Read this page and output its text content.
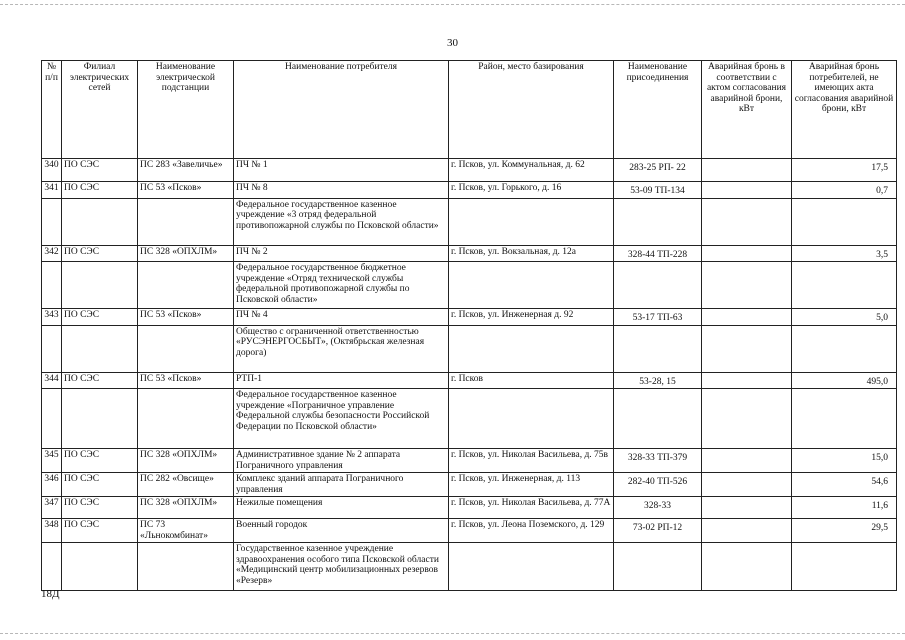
30
№ п/п	Филиал электрических сетей	Наименование электрической подстанции	Наименование потребителя	Район, место базирования	Наименование присоединения	Аварийная бронь в соответствии с актом согласования аварийной брони, кВт	Аварийная бронь потребителей, не имеющих акта согласования аварийной брони, кВт
340	ПО СЭС	ПС 283 «Завеличье»	ПЧ № 1	г. Псков, ул. Коммунальная, д. 62	283-25 РП- 22		17,5
341	ПО СЭС	ПС 53 «Псков»	ПЧ № 8	г. Псков, ул. Горького, д. 16	53-09 ТП-134		0,7
			Федеральное государственное казенное учреждение «3 отряд федеральной противопожарной службы по Псковской области»				
342	ПО СЭС	ПС 328 «ОПХЛМ»	ПЧ № 2	г. Псков, ул. Вокзальная, д. 12а	328-44 ТП-228		3,5
			Федеральное государственное бюджетное учреждение «Отряд технической службы федеральной противопожарной службы по Псковской области»				
343	ПО СЭС	ПС 53 «Псков»	ПЧ № 4	г. Псков, ул. Инженерная д. 92	53-17 ТП-63		5,0
			Общество с ограниченной ответственностью «РУСЭНЕРГОСБЫТ», (Октябрьская железная дорога)				
344	ПО СЭС	ПС 53 «Псков»	РТП-1	г. Псков	53-28, 15		495,0
			Федеральное государственное казенное учреждение «Пограничное управление Федеральной службы безопасности Российской Федерации по Псковской области»				
345	ПО СЭС	ПС 328 «ОПХЛМ»	Административное здание № 2 аппарата Пограничного управления	г. Псков, ул. Николая Васильева, д. 75в	328-33 ТП-379		15,0
346	ПО СЭС	ПС 282 «Овсище»	Комплекс зданий аппарата Пограничного управления	г. Псков, ул. Инженерная, д. 113	282-40 ТП-526		54,6
347	ПО СЭС	ПС 328 «ОПХЛМ»	Нежилые помещения	г. Псков, ул. Николая Васильева, д. 77А	328-33		11,6
348	ПО СЭС	ПС 73 «Льнокомбинат»	Военный городок	г. Псков, ул. Леона Поземского, д. 129	73-02 РП-12		29,5
			Государственное казенное учреждение здравоохранения особого типа Псковской области «Медицинский центр мобилизационных резервов «Резерв»				
18Д
